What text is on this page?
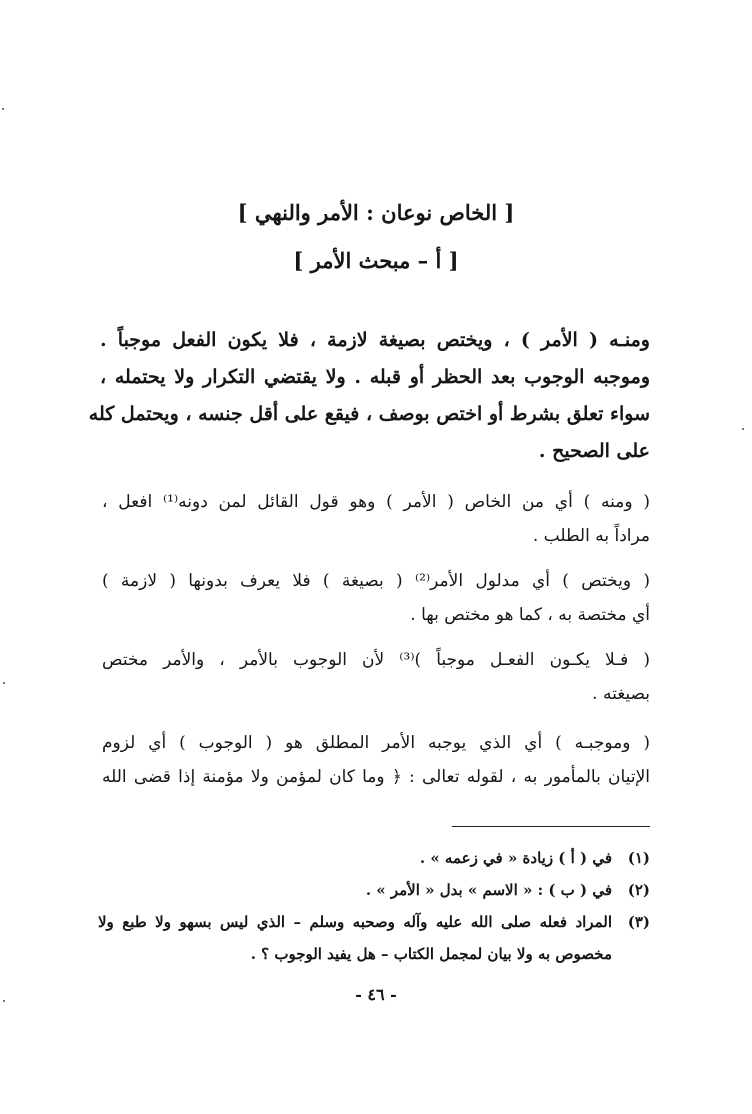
[ الخاص نوعان : الأمر والنهي ]
[ أ – مبحث الأمر ]
ومنـه ( الأمر ) ، ويختص بصيغة لازمة ، فلا يكون الفعل موجباً .
وموجبه الوجوب بعد الحظر أو قبله . ولا يقتضي التكرار ولا يحتمله ،
سواء تعلق بشرط أو اختص بوصف ، فيقع على أقل جنسه ، ويحتمل كله
على الصحيح .
( ومنه ) أي من الخاص ( الأمر ) وهو قول القائل لمن دونه⁽¹⁾ افعل ،
مراداً به الطلب .
( ويختص ) أي مدلول الأمر⁽²⁾ ( بصيغة ) فلا يعرف بدونها ( لازمة )
أي مختصة به ، كما هو مختص بها .
( فـلا يكـون الفعـل موجباً )⁽³⁾ لأن الوجوب بالأمر ، والأمر مختص
بصيغته .
( وموجبـه ) أي الذي يوجبه الأمر المطلق هو ( الوجوب ) أي لزوم
الإتيان بالمأمور به ، لقوله تعالى : ﴿ وما كان لمؤمن ولا مؤمنة إذا قضى الله
(١)
في ( أ ) زيادة « في زعمه » .
(٢)
في ( ب ) : « الاسم » بدل « الأمر » .
(٣)
المراد فعله صلى الله عليه وآله وصحبه وسلم – الذي ليس بسهو ولا طبع ولا
مخصوص به ولا بيان لمجمل الكتاب – هل يفيد الوجوب ؟ .
- ٤٦ -
